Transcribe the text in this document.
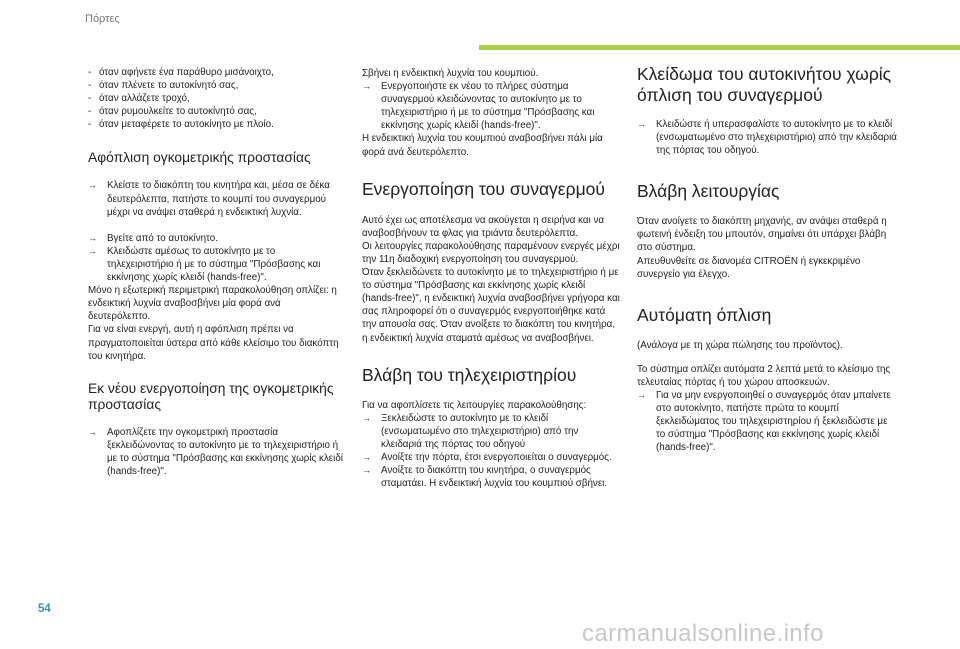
Πόρτες
- όταν αφήνετε ένα παράθυρο μισάνοιχτο,
- όταν πλένετε το αυτοκίνητό σας,
- όταν αλλάζετε τροχό,
- όταν ρυμουλκείτε το αυτοκίνητό σας,
- όταν μεταφέρετε το αυτοκίνητο με πλοίο.
Αφόπλιση ογκομετρικής προστασίας

→ Κλείστε το διακόπτη του κινητήρα και, μέσα σε δέκα δευτερόλεπτα, πατήστε το κουμπί του συναγερμού μέχρι να ανάψει σταθερά η ενδεικτική λυχνία.

→ Βγείτε από το αυτοκίνητο.

→ Κλειδώστε αμέσως το αυτοκίνητο με το τηλεχειριστήριο ή με το σύστημα "Πρόσβασης και εκκίνησης χωρίς κλειδί (hands-free)".

Μόνο η εξωτερική περιμετρική παρακολούθηση οπλίζει: η ενδεικτική λυχνία αναβοσβήνει μία φορά ανά δευτερόλεπτο.

Για να είναι ενεργή, αυτή η αφόπλιση πρέπει να πραγματοποιείται ύστερα από κάθε κλείσιμο του διακόπτη του κινητήρα.

Εκ νέου ενεργοποίηση της ογκομετρικής προστασίας

→ Αφοπλίζετε την ογκομετρική προστασία ξεκλειδώνοντας το αυτοκίνητο με το τηλεχειριστήριο ή με το σύστημα "Πρόσβασης και εκκίνησης χωρίς κλειδί (hands-free)".

Σβήνει η ενδεικτική λυχνία του κουμπιού.

→ Ενεργοποιήστε εκ νέου το πλήρες σύστημα συναγερμού κλειδώνοντας το αυτοκίνητο με το τηλεχειριστήριο ή με το σύστημα "Πρόσβασης και εκκίνησης χωρίς κλειδί (hands-free)".

Η ενδεικτική λυχνία του κουμπιού αναβοσβήνει πάλι μία φορά ανά δευτερόλεπτο.

Ενεργοποίηση του συναγερμού

Αυτό έχει ως αποτέλεσμα να ακούγεται η σειρήνα και να αναβοσβήνουν τα φλας για τριάντα δευτερόλεπτα.

Οι λειτουργίες παρακολούθησης παραμένουν ενεργές μέχρι την 11η διαδοχική ενεργοποίηση του συναγερμού.

Όταν ξεκλειδώνετε το αυτοκίνητο με το τηλεχειριστήριο ή με το σύστημα "Πρόσβασης και εκκίνησης χωρίς κλειδί (hands-free)", η ενδεικτική λυχνία αναβοσβήνει γρήγορα και σας πληροφορεί ότι ο συναγερμός ενεργοποιήθηκε κατά την απουσία σας. Όταν ανοίξετε το διακόπτη του κινητήρα, η ενδεικτική λυχνία σταματά αμέσως να αναβοσβήνει.

Βλάβη του τηλεχειριστηρίου

Για να αφοπλίσετε τις λειτουργίες παρακολούθησης:

→ Ξεκλειδώστε το αυτοκίνητο με το κλειδί (ενσωματωμένο στο τηλεχειριστήριο) από την κλειδαριά της πόρτας του οδηγού

→ Ανοίξτε την πόρτα, έτσι ενεργοποιείται ο συναγερμός.

→ Ανοίξτε το διακόπτη του κινητήρα, ο συναγερμός σταματάει. Η ενδεικτική λυχνία του κουμπιού σβήνει.

Κλείδωμα του αυτοκινήτου χωρίς όπλιση του συναγερμού

→ Κλειδώστε ή υπερασφαλίστε το αυτοκίνητο με το κλειδί (ενσωματωμένο στο τηλεχειριστήριο) από την κλειδαριά της πόρτας του οδηγού.

Βλάβη λειτουργίας

Όταν ανοίγετε το διακόπτη μηχανής, αν ανάψει σταθερά η φωτεινή ένδειξη του μπουτόν, σημαίνει ότι υπάρχει βλάβη στο σύστημα.

Απευθυνθείτε σε διανομέα CITROËN ή εγκεκριμένο συνεργείο για έλεγχο.

Αυτόματη όπλιση

(Ανάλογα με τη χώρα πώλησης του προϊόντος).

Το σύστημα οπλίζει αυτόματα 2 λεπτά μετά το κλείσιμο της τελευταίας πόρτας ή του χώρου αποσκευών.

→ Για να μην ενεργοποιηθεί ο συναγερμός όταν μπαίνετε στο αυτοκίνητο, πατήστε πρώτα το κουμπί ξεκλειδώματος του τηλεχειριστηρίου ή ξεκλειδώστε με το σύστημα "Πρόσβασης και εκκίνησης χωρίς κλειδί (hands-free)".

54
carmanualsonline.info
